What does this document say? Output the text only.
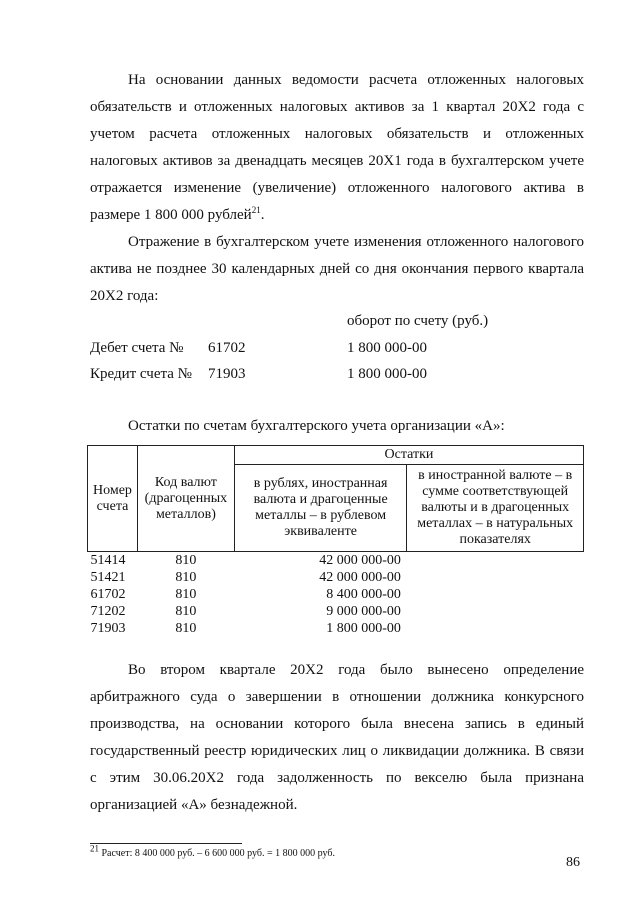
На основании данных ведомости расчета отложенных налоговых обязательств и отложенных налоговых активов за 1 квартал 20Х2 года с учетом расчета отложенных налоговых обязательств и отложенных налоговых активов за двенадцать месяцев 20Х1 года в бухгалтерском учете отражается изменение (увеличение) отложенного налогового актива в размере 1 800 000 рублей$^{21}$.

Отражение в бухгалтерском учете изменения отложенного налогового актива не позднее 30 календарных дней со дня окончания первого квартала 20Х2 года:

оборот по счету (руб.)
Дебет счета № 61702	1 800 000-00
Кредит счета № 71903	1 800 000-00
Остатки по счетам бухгалтерского учета организации «А»:
Номер счета	Код валют (драгоценных металлов)	Остатки	
		в рублях, иностранная валюта и драгоценные металлы – в рублевом эквиваленте	в иностранной валюте – в сумме соответствующей валюты и в драгоценных металлах – в натуральных показателях
51414	810	42 000 000-00	
51421	810	42 000 000-00	
61702	810	8 400 000-00	
71202	810	9 000 000-00	
71903	810	1 800 000-00	

Во втором квартале 20Х2 года было вынесено определение арбитражного суда о завершении в отношении должника конкурсного производства, на основании которого была внесена запись в единый государственный реестр юридических лиц о ликвидации должника. В связи с этим 30.06.20Х2 года задолженность по векселю была признана организацией «А» безнадежной.

21 Расчет: 8 400 000 руб. – 6 600 000 руб. = 1 800 000 руб.
86
